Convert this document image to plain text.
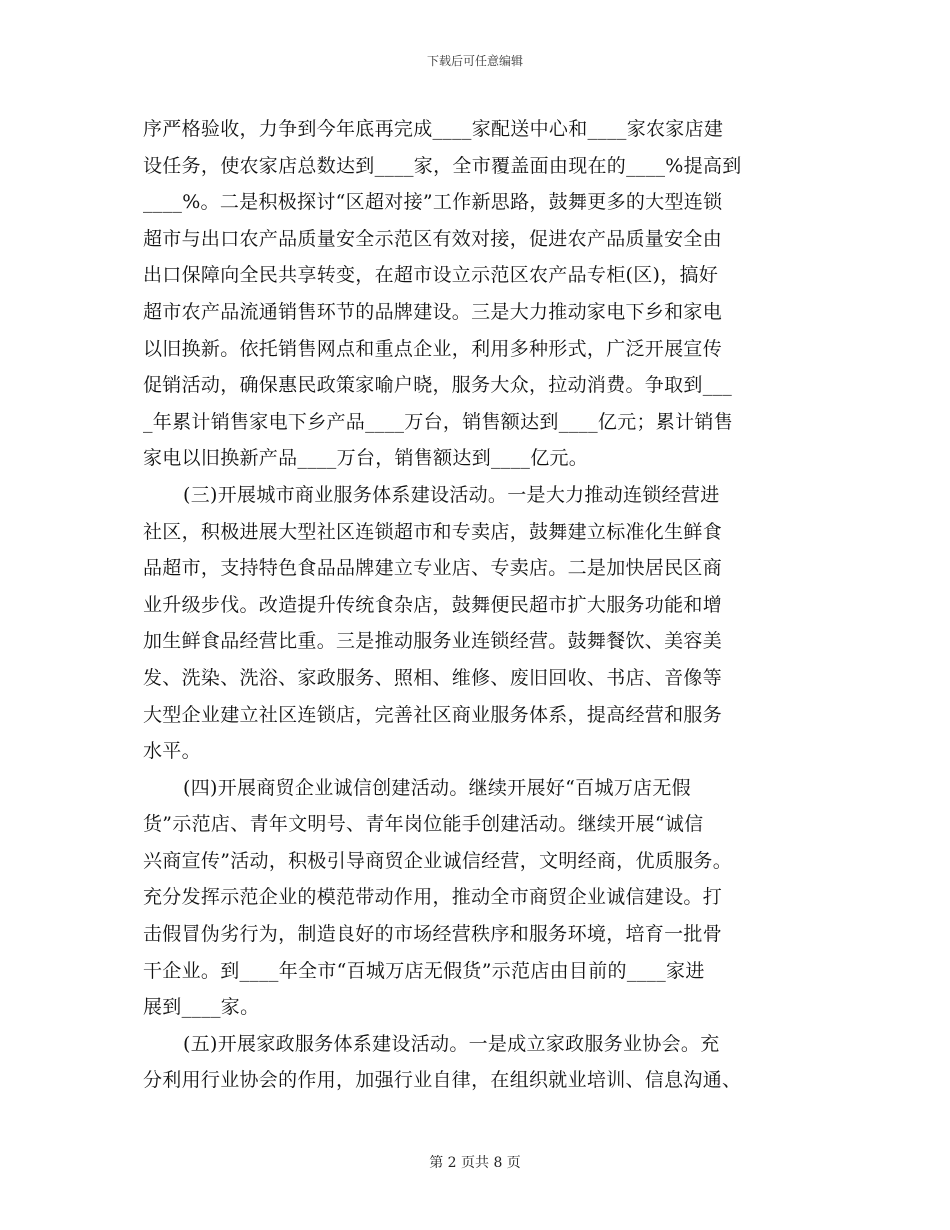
下载后可任意编辑
序严格验收，力争到今年底再完成____家配送中心和____家农家店建
设任务，使农家店总数达到____家，全市覆盖面由现在的____%提高到
____%。二是积极探讨“区超对接”工作新思路，鼓舞更多的大型连锁
超市与出口农产品质量安全示范区有效对接，促进农产品质量安全由
出口保障向全民共享转变，在超市设立示范区农产品专柜(区)，搞好
超市农产品流通销售环节的品牌建设。三是大力推动家电下乡和家电
以旧换新。依托销售网点和重点企业，利用多种形式，广泛开展宣传
促销活动，确保惠民政策家喻户晓，服务大众，拉动消费。争取到___
_年累计销售家电下乡产品____万台，销售额达到____亿元；累计销售
家电以旧换新产品____万台，销售额达到____亿元。
(三)开展城市商业服务体系建设活动。一是大力推动连锁经营进
社区，积极进展大型社区连锁超市和专卖店，鼓舞建立标准化生鲜食
品超市，支持特色食品品牌建立专业店、专卖店。二是加快居民区商
业升级步伐。改造提升传统食杂店，鼓舞便民超市扩大服务功能和增
加生鲜食品经营比重。三是推动服务业连锁经营。鼓舞餐饮、美容美
发、洗染、洗浴、家政服务、照相、维修、废旧回收、书店、音像等
大型企业建立社区连锁店，完善社区商业服务体系，提高经营和服务
水平。
(四)开展商贸企业诚信创建活动。继续开展好“百城万店无假
货”示范店、青年文明号、青年岗位能手创建活动。继续开展“诚信
兴商宣传”活动，积极引导商贸企业诚信经营，文明经商，优质服务。
充分发挥示范企业的模范带动作用，推动全市商贸企业诚信建设。打
击假冒伪劣行为，制造良好的市场经营秩序和服务环境，培育一批骨
干企业。到____年全市“百城万店无假货”示范店由目前的____家进
展到____家。
(五)开展家政服务体系建设活动。一是成立家政服务业协会。充
分利用行业协会的作用，加强行业自律，在组织就业培训、信息沟通、
第 2 页共 8 页
